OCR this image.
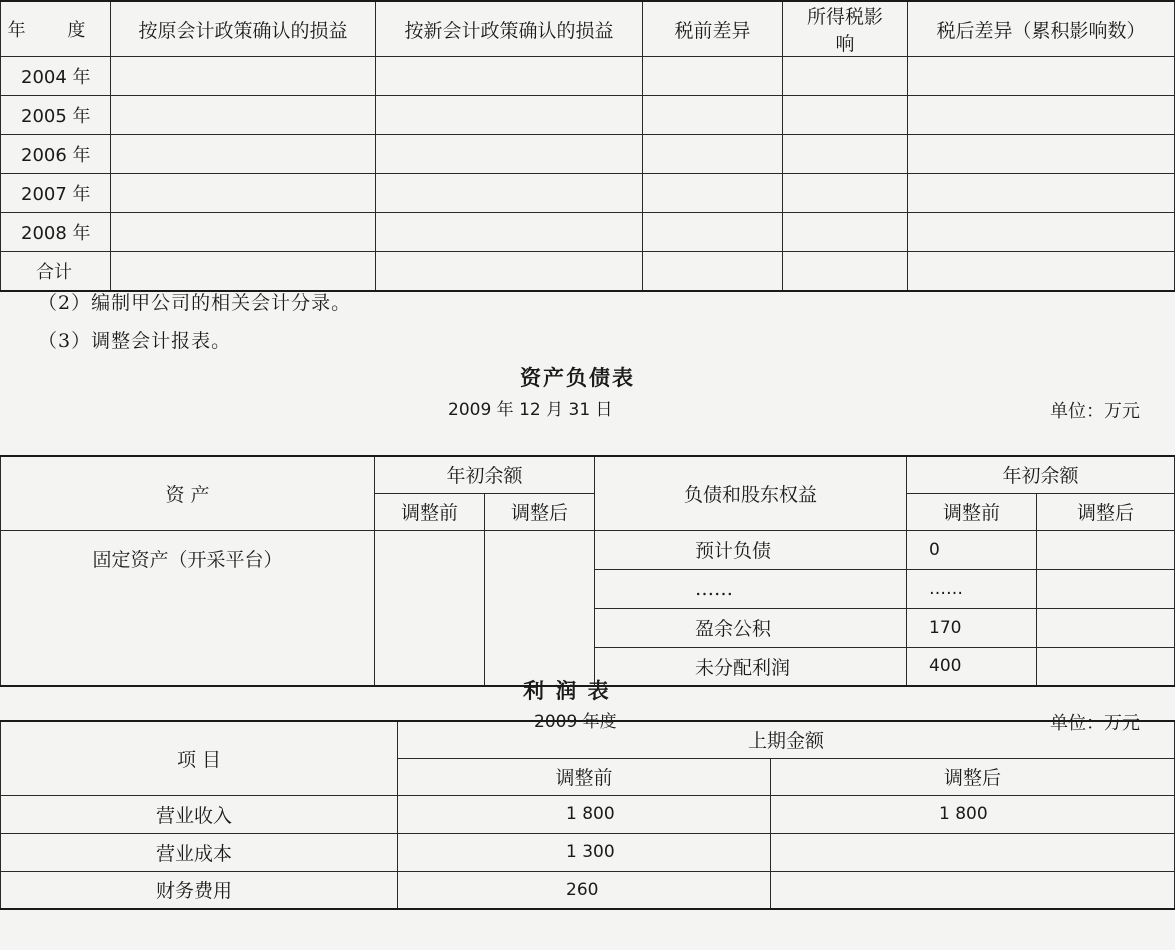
年 度	按原会计政策确认的损益	按新会计政策确认的损益	税前差异	所得税影响	税后差异（累积影响数）
2004 年					
2005 年					
2006 年					
2007 年					
2008 年					
合计					
（2）编制甲公司的相关会计分录。
（3）调整会计报表。
资产负债表
2009 年 12 月 31 日	单位：万元
资 产	年初余额		负债和股东权益	年初余额	
	调整前	调整后		调整前	调整后
固定资产（开采平台）			预计负债	0	
			……	……	
			盈余公积	170	
			未分配利润	400	
利 润 表
2009 年度	单位：万元
项 目	上期金额	
	调整前	调整后
营业收入	1 800	1 800
营业成本	1 300	
财务费用	260	
